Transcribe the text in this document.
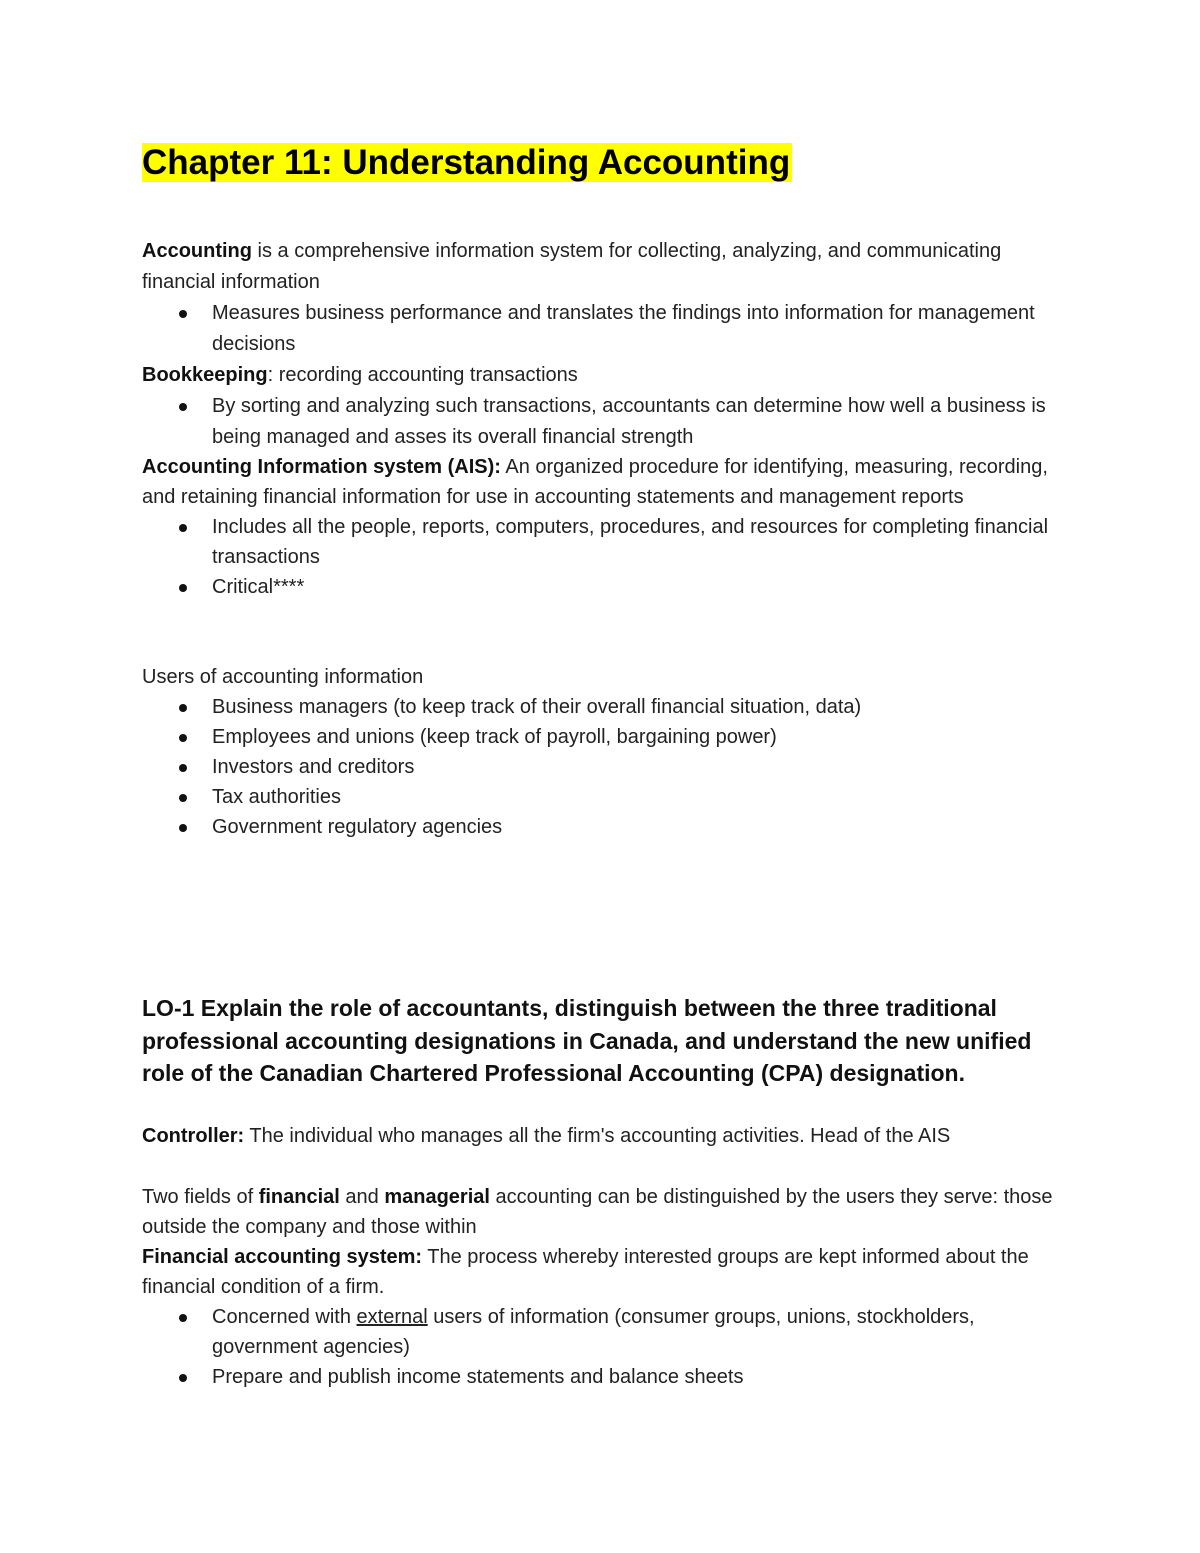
Chapter 11: Understanding Accounting

Accounting is a comprehensive information system for collecting, analyzing, and communicating financial information

Measures business performance and translates the findings into information for management decisions

Bookkeeping: recording accounting transactions

By sorting and analyzing such transactions, accountants can determine how well a business is being managed and asses its overall financial strength

Accounting Information system (AIS): An organized procedure for identifying, measuring, recording, and retaining financial information for use in accounting statements and management reports

Includes all the people, reports, computers, procedures, and resources for completing financial transactions
Critical****

Users of accounting information

Business managers (to keep track of their overall financial situation, data)
Employees and unions (keep track of payroll, bargaining power)
Investors and creditors
Tax authorities
Government regulatory agencies
LO-1 Explain the role of accountants, distinguish between the three traditional professional accounting designations in Canada, and understand the new unified role of the Canadian Chartered Professional Accounting (CPA) designation.

Controller: The individual who manages all the firm's accounting activities. Head of the AIS

Two fields of financial and managerial accounting can be distinguished by the users they serve: those outside the company and those within

Financial accounting system: The process whereby interested groups are kept informed about the financial condition of a firm.

Concerned with external users of information (consumer groups, unions, stockholders, government agencies)
Prepare and publish income statements and balance sheets
